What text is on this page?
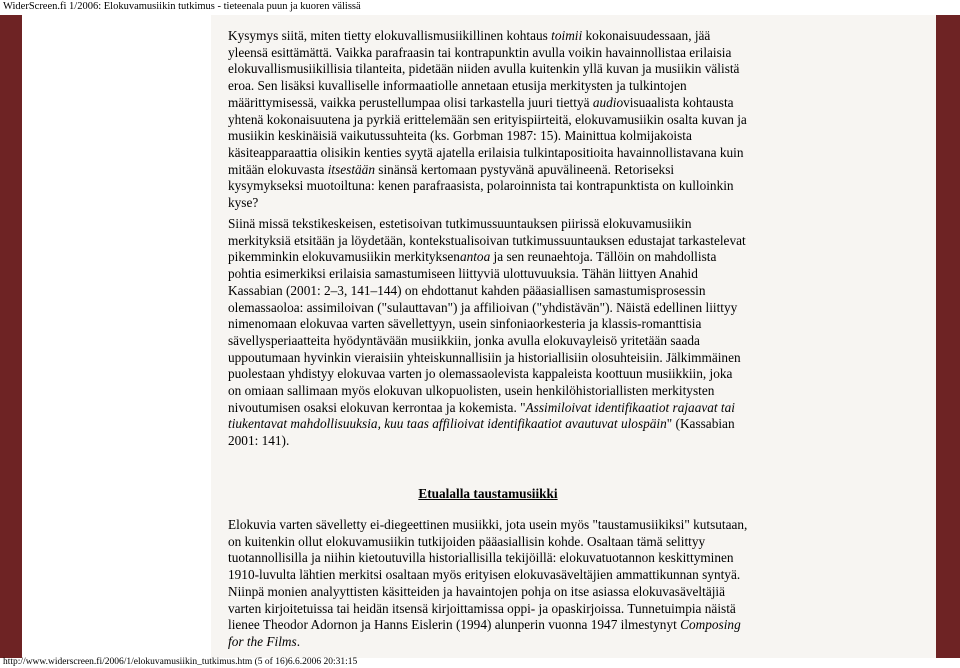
WiderScreen.fi 1/2006: Elokuvamusiikin tutkimus - tieteenala puun ja kuoren välissä
Kysymys siitä, miten tietty elokuvallismusiikillinen kohtaus toimii kokonaisuudessaan, jää yleensä esittämättä. Vaikka parafraasin tai kontrapunktin avulla voikin havainnollistaa erilaisia elokuvallismusiikillisia tilanteita, pidetään niiden avulla kuitenkin yllä kuvan ja musiikin välistä eroa. Sen lisäksi kuvalliselle informaatiolle annetaan etusija merkitysten ja tulkintojen määrittymisessä, vaikka perustellumpaa olisi tarkastella juuri tiettyä audiovisuaalista kohtausta yhtenä kokonaisuutena ja pyrkiä erittelemään sen erityispiirteitä, elokuvamusiikin osalta kuvan ja musiikin keskinäisiä vaikutussuhteita (ks. Gorbman 1987: 15). Mainittua kolmijakoista käsiteapparaattia olisikin kenties syytä ajatella erilaisia tulkintapositioita havainnollistavana kuin mitään elokuvasta itsestään sinänsä kertomaan pystyvänä apuvälineenä. Retoriseksi kysymykseksi muotoiltuna: kenen parafraasista, polaroinnista tai kontrapunktista on kulloinkin kyse?
Siinä missä tekstikeskeisen, estetisoivan tutkimussuuntauksen piirissä elokuvamusiikin merkityksiä etsitään ja löydetään, kontekstualisoivan tutkimussuuntauksen edustajat tarkastelevat pikemminkin elokuvamusiikin merkityksenantoa ja sen reunaehtoja. Tällöin on mahdollista pohtia esimerkiksi erilaisia samastumiseen liittyviä ulottuvuuksia. Tähän liittyen Anahid Kassabian (2001: 2–3, 141–144) on ehdottanut kahden pääasiallisen samastumisprosessin olemassaoloa: assimiloivan ("sulauttavan") ja affilioivan ("yhdistävän"). Näistä edellinen liittyy nimenomaan elokuvaa varten sävellettyyn, usein sinfoniaorkesteria ja klassis-romanttisia sävellysperiaatteita hyödyntävään musiikkiin, jonka avulla elokuvayleisö yritetään saada uppoutumaan hyvinkin vieraisiin yhteiskunnallisiin ja historiallisiin olosuhteisiin. Jälkimmäinen puolestaan yhdistyy elokuvaa varten jo olemassaolevista kappaleista koottuun musiikkiin, joka on omiaan sallimaan myös elokuvan ulkopuolisten, usein henkilöhistoriallisten merkitysten nivoutumisen osaksi elokuvan kerrontaa ja kokemista. "Assimiloivat identifikaatiot rajaavat tai tiukentavat mahdollisuuksia, kuu taas affilioivat identifikaatiot avautuvat ulospäin" (Kassabian 2001: 141).
Etualalla taustamusiikki
Elokuvia varten sävelletty ei-diegeettinen musiikki, jota usein myös "taustamusiikiksi" kutsutaan, on kuitenkin ollut elokuvamusiikin tutkijoiden pääasiallisin kohde. Osaltaan tämä selittyy tuotannollisilla ja niihin kietoutuvilla historiallisilla tekijöillä: elokuvatuotannon keskittyminen 1910-luvulta lähtien merkitsi osaltaan myös erityisen elokuvasäveltäjien ammattikunnan syntyä. Niinpä monien analyyttisten käsitteiden ja havaintojen pohja on itse asiassa elokuvasäveltäjiä varten kirjoitetuissa tai heidän itsensä kirjoittamissa oppi- ja opaskirjoissa. Tunnetuimpia näistä lienee Theodor Adornon ja Hanns Eislerin (1994) alunperin vuonna 1947 ilmestynyt Composing for the Films.
http://www.widerscreen.fi/2006/1/elokuvamusiikin_tutkimus.htm (5 of 16)6.6.2006 20:31:15
